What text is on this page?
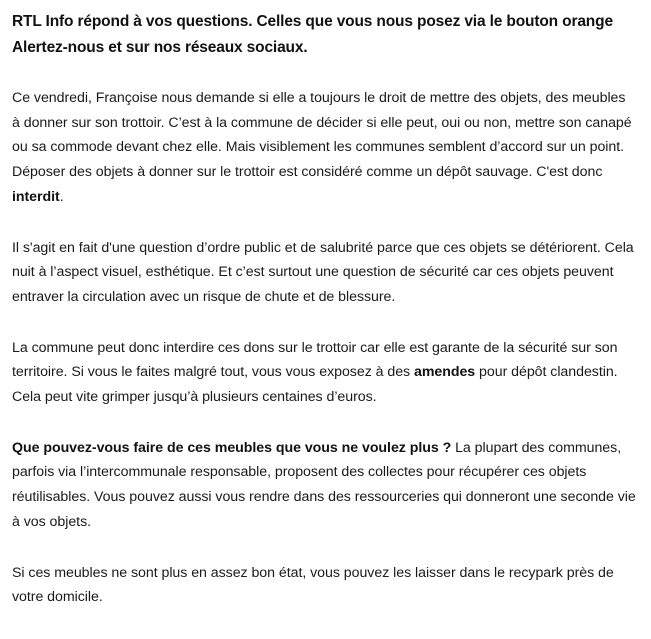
RTL Info répond à vos questions. Celles que vous nous posez via le bouton orange Alertez-nous et sur nos réseaux sociaux.

Ce vendredi, Françoise nous demande si elle a toujours le droit de mettre des objets, des meubles à donner sur son trottoir. C’est à la commune de décider si elle peut, oui ou non, mettre son canapé ou sa commode devant chez elle. Mais visiblement les communes semblent d’accord sur un point. Déposer des objets à donner sur le trottoir est considéré comme un dépôt sauvage. C'est donc interdit.

Il s'agit en fait d'une question d’ordre public et de salubrité parce que ces objets se détériorent. Cela nuit à l’aspect visuel, esthétique. Et c’est surtout une question de sécurité car ces objets peuvent entraver la circulation avec un risque de chute et de blessure.

La commune peut donc interdire ces dons sur le trottoir car elle est garante de la sécurité sur son territoire. Si vous le faites malgré tout, vous vous exposez à des amendes pour dépôt clandestin. Cela peut vite grimper jusqu’à plusieurs centaines d’euros.

Que pouvez-vous faire de ces meubles que vous ne voulez plus ? La plupart des communes, parfois via l’intercommunale responsable, proposent des collectes pour récupérer ces objets réutilisables. Vous pouvez aussi vous rendre dans des ressourceries qui donneront une seconde vie à vos objets.

Si ces meubles ne sont plus en assez bon état, vous pouvez les laisser dans le recypark près de votre domicile.
